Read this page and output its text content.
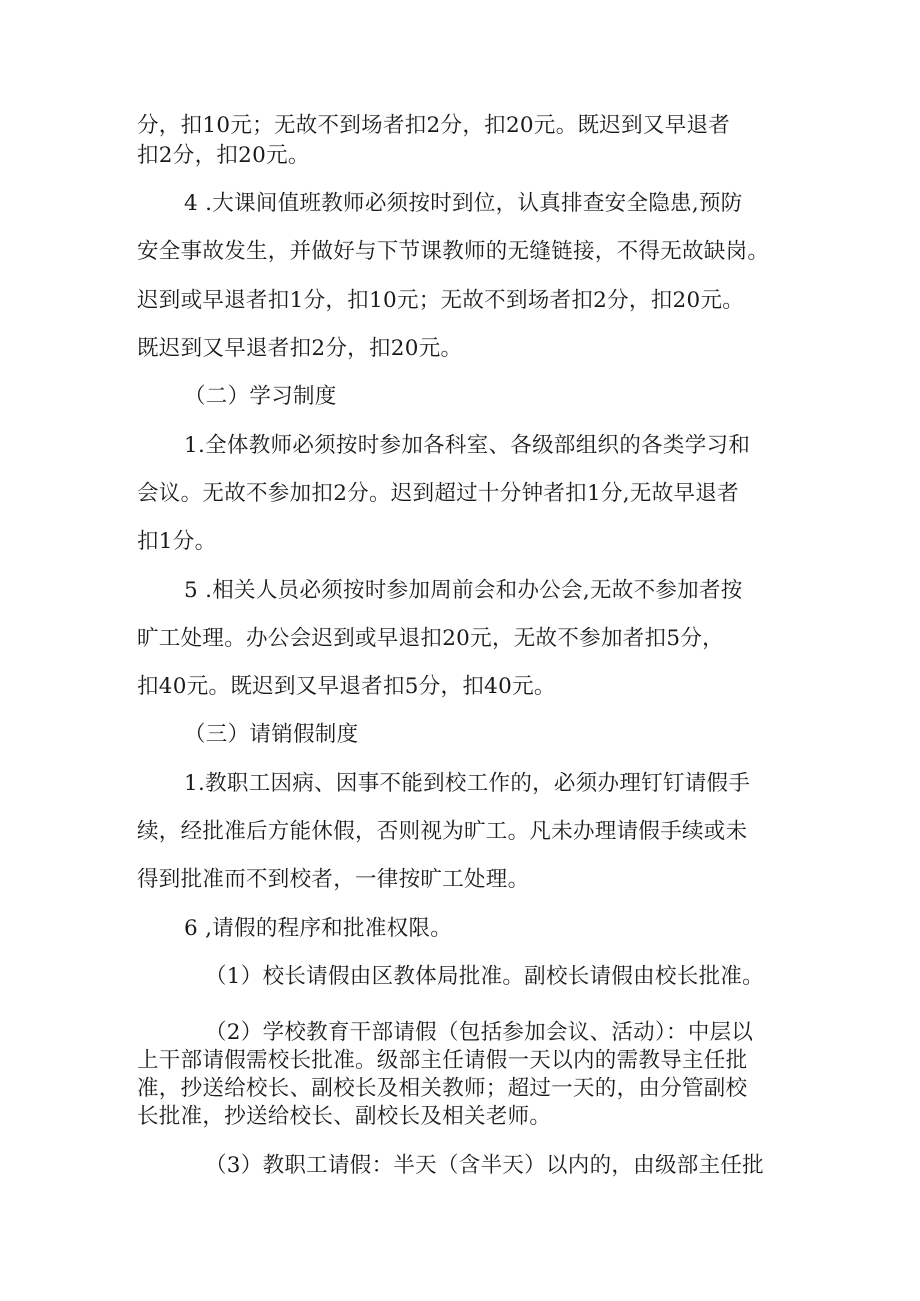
分，扣10元；无故不到场者扣2分，扣20元。既迟到又早退者
扣2分，扣20元。
4 .大课间值班教师必须按时到位，认真排查安全隐患,预防
安全事故发生，并做好与下节课教师的无缝链接，不得无故缺岗。
迟到或早退者扣1分，扣10元；无故不到场者扣2分，扣20元。
既迟到又早退者扣2分，扣20元。
（二）学习制度
1.全体教师必须按时参加各科室、各级部组织的各类学习和
会议。无故不参加扣2分。迟到超过十分钟者扣1分,无故早退者
扣1分。
5 .相关人员必须按时参加周前会和办公会,无故不参加者按
旷工处理。办公会迟到或早退扣20元，无故不参加者扣5分，
扣40元。既迟到又早退者扣5分，扣40元。
（三）请销假制度
1.教职工因病、因事不能到校工作的，必须办理钉钉请假手
续，经批准后方能休假，否则视为旷工。凡未办理请假手续或未
得到批准而不到校者，一律按旷工处理。
6 ,请假的程序和批准权限。
（1）校长请假由区教体局批准。副校长请假由校长批准。
（2）学校教育干部请假（包括参加会议、活动）：中层以
上干部请假需校长批准。级部主任请假一天以内的需教导主任批
准，抄送给校长、副校长及相关教师；超过一天的，由分管副校
长批准，抄送给校长、副校长及相关老师。
（3）教职工请假：半天（含半天）以内的，由级部主任批
